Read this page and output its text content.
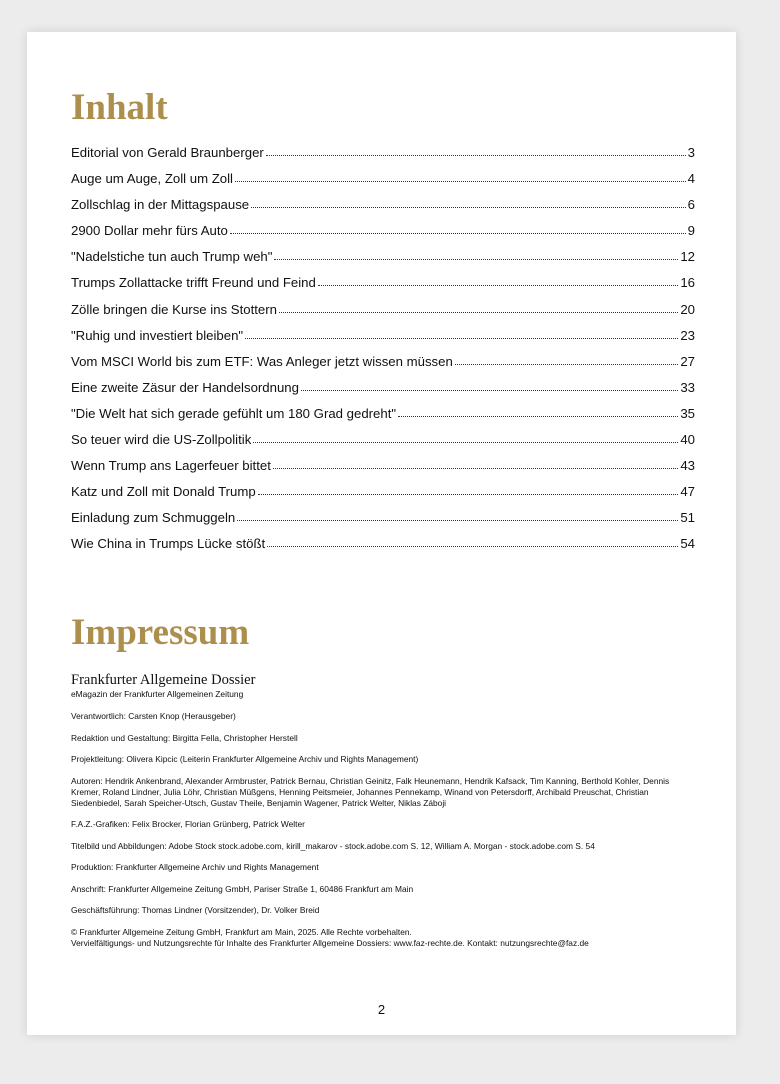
Inhalt
Editorial von Gerald Braunberger	3
Auge um Auge, Zoll um Zoll	4
Zollschlag in der Mittagspause	6
2900 Dollar mehr fürs Auto	9
"Nadelstiche tun auch Trump weh"	12
Trumps Zollattacke trifft Freund und Feind	16
Zölle bringen die Kurse ins Stottern	20
"Ruhig und investiert bleiben"	23
Vom MSCI World bis zum ETF: Was Anleger jetzt wissen müssen	27
Eine zweite Zäsur der Handelsordnung	33
"Die Welt hat sich gerade gefühlt um 180 Grad gedreht"	35
So teuer wird die US-Zollpolitik	40
Wenn Trump ans Lagerfeuer bittet	43
Katz und Zoll mit Donald Trump	47
Einladung zum Schmuggeln	51
Wie China in Trumps Lücke stößt	54
Impressum
Frankfurter Allgemeine Dossier
eMagazin der Frankfurter Allgemeinen Zeitung

Verantwortlich: Carsten Knop (Herausgeber)

Redaktion und Gestaltung: Birgitta Fella, Christopher Herstell

Projektleitung: Olivera Kipcic (Leiterin Frankfurter Allgemeine Archiv und Rights Management)

Autoren: Hendrik Ankenbrand, Alexander Armbruster, Patrick Bernau, Christian Geinitz, Falk Heunemann, Hendrik Kafsack, Tim Kanning, Berthold Kohler, Dennis Kremer, Roland Lindner, Julia Löhr, Christian Müßgens, Henning Peitsmeier, Johannes Pennekamp, Winand von Petersdorff, Archibald Preuschat, Christian Siedenbiedel, Sarah Speicher-Utsch, Gustav Theile, Benjamin Wagener, Patrick Welter, Niklas Záboji

F.A.Z.-Grafiken: Felix Brocker, Florian Grünberg, Patrick Welter

Titelbild und Abbildungen: Adobe Stock stock.adobe.com, kirill_makarov - stock.adobe.com S. 12, William A. Morgan - stock.adobe.com S. 54

Produktion: Frankfurter Allgemeine Archiv und Rights Management

Anschrift: Frankfurter Allgemeine Zeitung GmbH, Pariser Straße 1, 60486 Frankfurt am Main

Geschäftsführung: Thomas Lindner (Vorsitzender), Dr. Volker Breid

© Frankfurter Allgemeine Zeitung GmbH, Frankfurt am Main, 2025. Alle Rechte vorbehalten.
Vervielfältigungs- und Nutzungsrechte für Inhalte des Frankfurter Allgemeine Dossiers: www.faz-rechte.de. Kontakt: nutzungsrechte@faz.de

2
